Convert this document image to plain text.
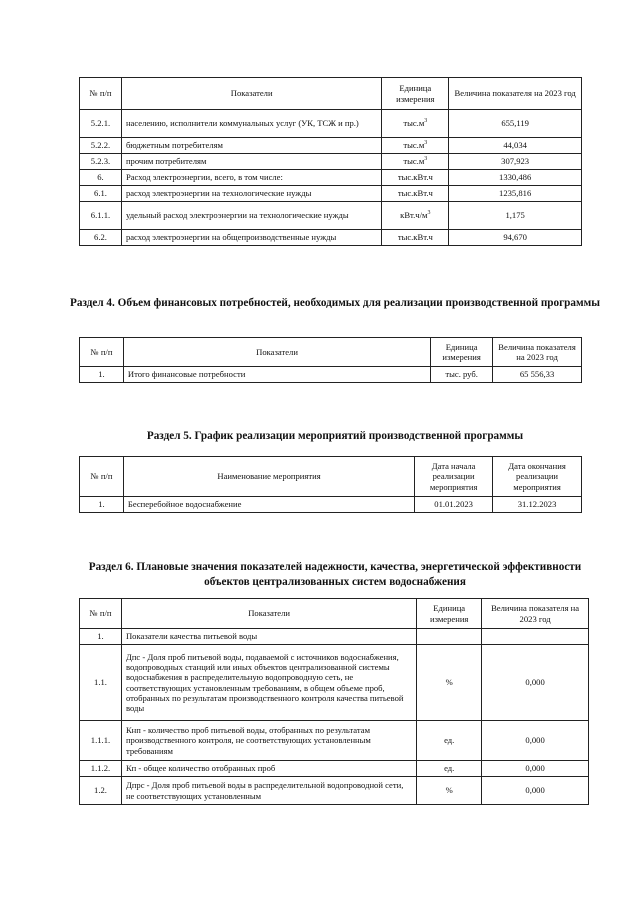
№ п/п	Показатели	Единица измерения	Величина показателя на 2023 год
5.2.1.	населению, исполнители коммунальных услуг (УК, ТСЖ и пр.)	$тыс.м^3$	655,119
5.2.2.	бюджетным потребителям	$тыс.м^3$	44,034
5.2.3.	прочим потребителям	$тыс.м^3$	307,923
6.	Расход электроэнергии, всего, в том числе:	тыс.кВт.ч	1330,486
6.1.	расход электроэнергии на технологические нужды	тыс.кВт.ч	1235,816
6.1.1.	удельный расход электроэнергии на технологические нужды	$кВт.ч/м^3$	1,175
6.2.	расход электроэнергии на общепроизводственные нужды	тыс.кВт.ч	94,670
Раздел 4. Объем финансовых потребностей, необходимых для реализации производственной программы
№ п/п	Показатели	Единица измерения	Величина показателя на 2023 год
1.	Итого финансовые потребности	тыс. руб.	65 556,33
Раздел 5. График реализации мероприятий производственной программы
№ п/п	Наименование мероприятия	Дата начала реализации мероприятия	Дата окончания реализации мероприятия
1.	Бесперебойное водоснабжение	01.01.2023	31.12.2023
Раздел 6. Плановые значения показателей надежности, качества, энергетической эффективности объектов централизованных систем водоснабжения
№ п/п	Показатели	Единица измерения	Величина показателя на 2023 год
1.	Показатели качества питьевой воды		
1.1.	Дпс - Доля проб питьевой воды, подаваемой с источников водоснабжения, водопроводных станций или иных объектов централизованной системы водоснабжения в распределительную водопроводную сеть, не соответствующих установленным требованиям, в общем объеме проб, отобранных по результатам производственного контроля качества питьевой воды	%	0,000
1.1.1.	Кнп - количество проб питьевой воды, отобранных по результатам производственного контроля, не соответствующих установленным требованиям	ед.	0,000
1.1.2.	Кп - общее количество отобранных проб	ед.	0,000
1.2.	Дпрс - Доля проб питьевой воды в распределительной водопроводной сети, не соответствующих установленным	%	0,000
